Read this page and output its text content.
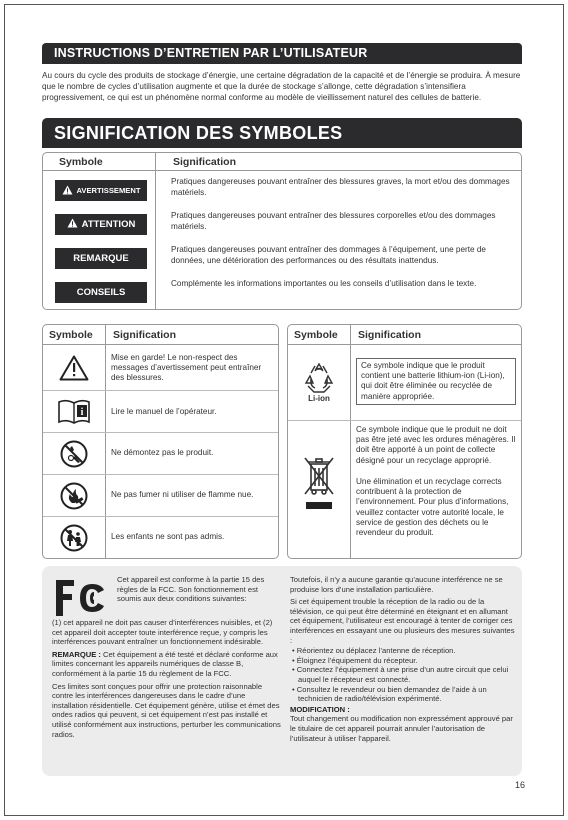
INSTRUCTIONS D’ENTRETIEN PAR L’UTILISATEUR
Au cours du cycle des produits de stockage d’énergie, une certaine dégradation de la capacité et de l’énergie se produira. À mesure que le nombre de cycles d’utilisation augmente et que la durée de stockage s’allonge, cette dégradation s’intensifiera progressivement, ce qui est un phénomène normal conforme au modèle de vieillissement naturel des cellules de batterie.
SIGNIFICATION DES SYMBOLES
Symbole	Signification
AVERTISSEMENT
Pratiques dangereuses pouvant entraîner des blessures graves, la mort et/ou des dommages matériels.
ATTENTION
Pratiques dangereuses pouvant entraîner des blessures corporelles et/ou des dommages matériels.
REMARQUE
Pratiques dangereuses pouvant entraîner des dommages à l’équipement, une perte de données, une détérioration des performances ou des résultats inattendus.
CONSEILS
Complémente les informations importantes ou les conseils d’utilisation dans le texte.
Symbole Signification
Mise en garde! Le non-respect des messages d’avertissement peut entraîner des blessures.
i	Lire le manuel de l’opérateur.
Ne démontez pas le produit.
Ne pas fumer ni utiliser de flamme nue.
Les enfants ne sont pas admis.
Symbole Signification
Li-ion
Ce symbole indique que le produit contient une batterie lithium-ion (Li-ion), qui doit être éliminée ou recyclée de manière appropriée.
Ce symbole indique que le produit ne doit pas être jeté avec les ordures ménagères. Il doit être apporté à un point de collecte désigné pour un recyclage approprié.
Une élimination et un recyclage corrects contribuent à la protection de l’environnement. Pour plus d’informations, veuillez contacter votre autorité locale, le service de gestion des déchets ou le revendeur du produit.
Cet appareil est conforme à la partie 15 des règles de la FCC. Son fonctionnement est soumis aux deux conditions suivantes:

(1) cet appareil ne doit pas causer d’interférences nuisibles, et (2) cet appareil doit accepter toute interférence reçue, y compris les interférences pouvant entraîner un fonctionnement indésirable.

REMARQUE : Cet équipement a été testé et déclaré conforme aux limites concernant les appareils numériques de classe B, conformément à la partie 15 du règlement de la FCC.

Ces limites sont conçues pour offrir une protection raisonnable contre les interférences dangereuses dans le cadre d’une installation résidentielle. Cet équipement génère, utilise et émet des ondes radios qui peuvent, si cet équipement n’est pas installé et utilisé conformément aux instructions, perturber les communications radios.

Toutefois, il n’y a aucune garantie qu’aucune interférence ne se produise lors d’une installation particulière.

Si cet équipement trouble la réception de la radio ou de la télévision, ce qui peut être déterminé en éteignant et en allumant cet équipement, l’utilisateur est encouragé à tenter de corriger ces interférences en essayant une ou plusieurs des mesures suivantes :

• Réorientez ou déplacez l’antenne de réception.

• Éloignez l’équipement du récepteur.

• Connectez l’équipement à une prise d’un autre circuit que celui auquel le récepteur est connecté.

• Consultez le revendeur ou bien demandez de l’aide à un technicien de radio/télévision expérimenté.

MODIFICATION :

Tout changement ou modification non expressément approuvé par le titulaire de cet appareil pourrait annuler l’autorisation de l’utilisateur à utiliser l’appareil.

16
